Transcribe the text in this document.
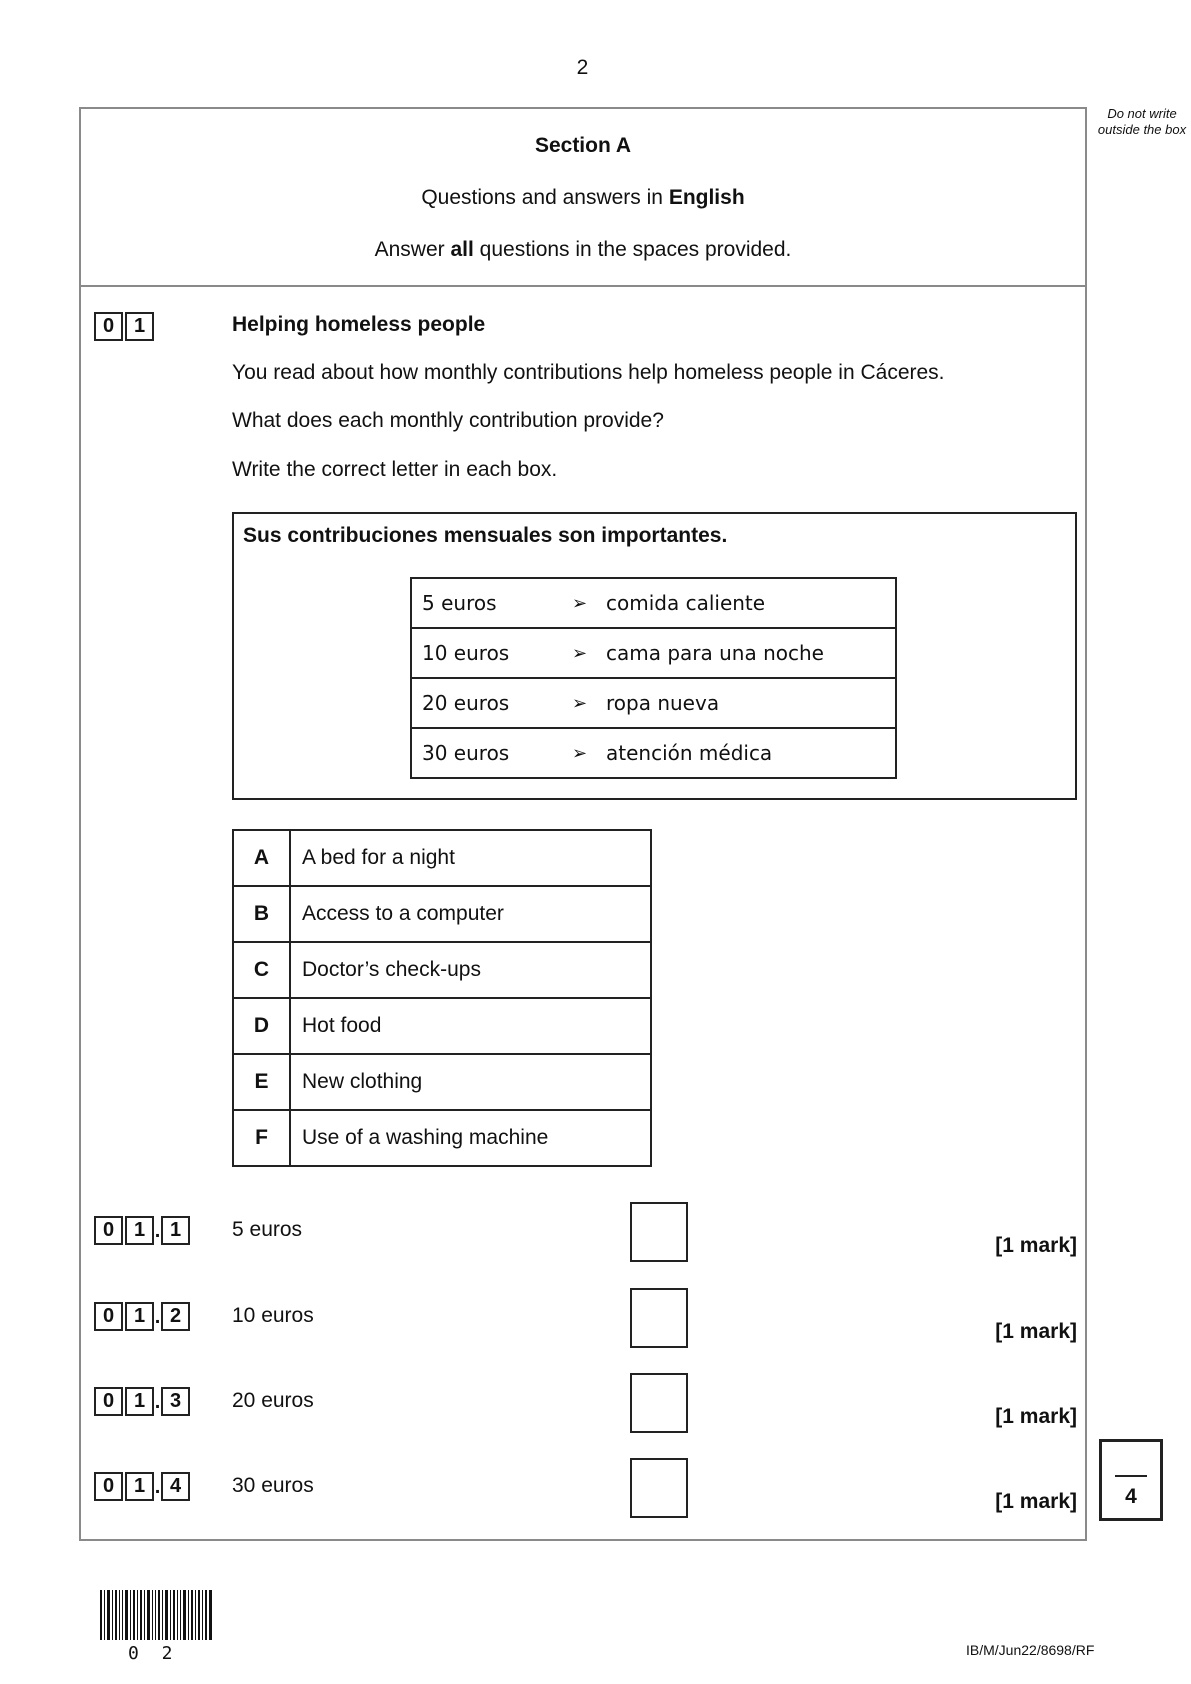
2
Do not write outside the box
Section A
Questions and answers in English
Answer all questions in the spaces provided.
0 1	Helping homeless people
You read about how monthly contributions help homeless people in Cáceres.
What does each monthly contribution provide?
Write the correct letter in each box.
Sus contribuciones mensuales son importantes.
5 euros	➢	comida caliente
10 euros	➢	cama para una noche
20 euros	➢	ropa nueva
30 euros	➢	atención médica
A	A bed for a night
B	Access to a computer
C	Doctor’s check-ups
D	Hot food
E	New clothing
F	Use of a washing machine
0 1 . 1	5 euros
[1 mark]
0 1 . 2	10 euros
[1 mark]
0 1 . 3	20 euros
[1 mark]
0 1 . 4	30 euros
[1 mark]	4
0 2	IB/M/Jun22/8698/RF
